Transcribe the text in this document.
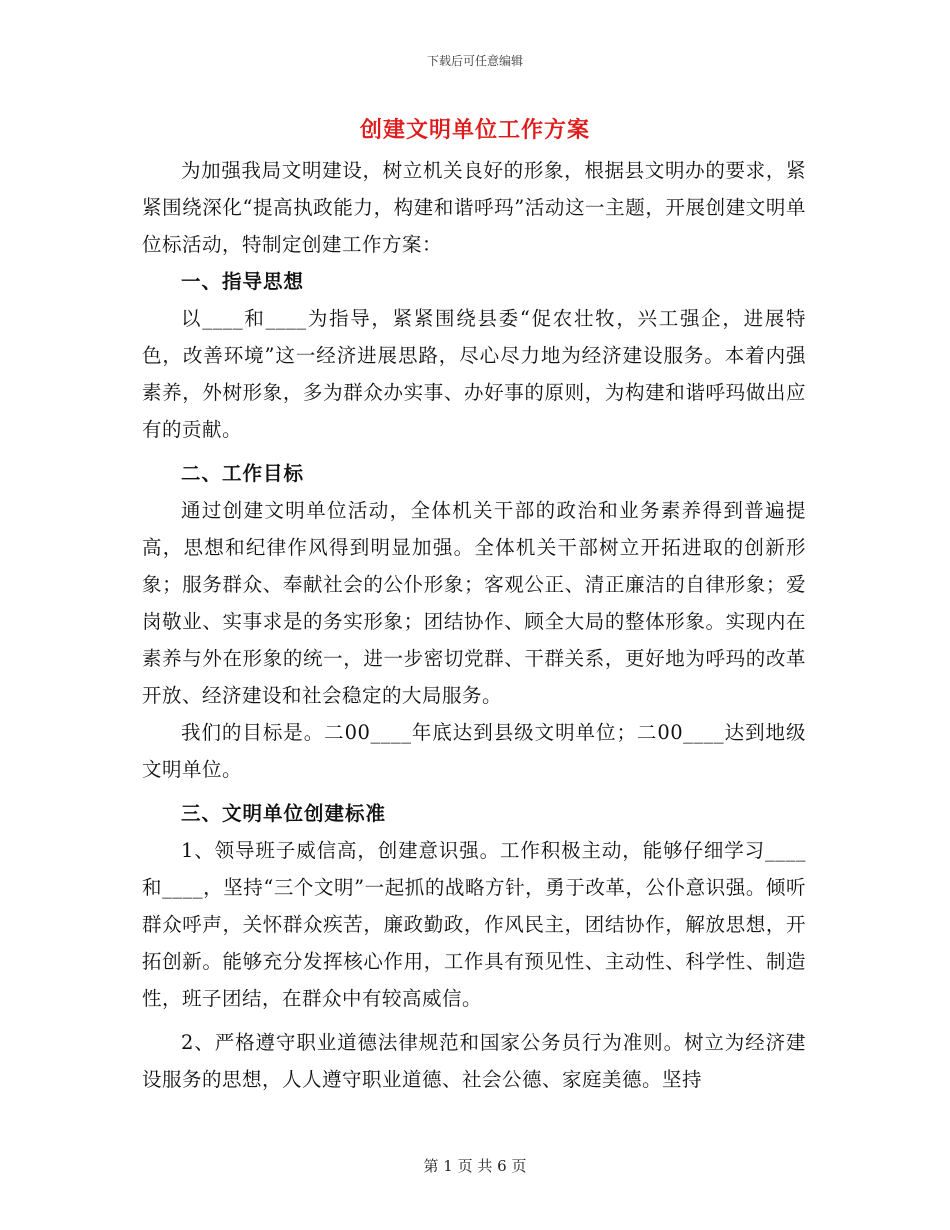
下载后可任意编辑
创建文明单位工作方案

为加强我局文明建设，树立机关良好的形象，根据县文明办的要求，紧紧围绕深化“提高执政能力，构建和谐呼玛”活动这一主题，开展创建文明单位标活动，特制定创建工作方案：

一、指导思想

以____和____为指导，紧紧围绕县委“促农壮牧，兴工强企，进展特色，改善环境”这一经济进展思路，尽心尽力地为经济建设服务。本着内强素养，外树形象，多为群众办实事、办好事的原则，为构建和谐呼玛做出应有的贡献。

二、工作目标

通过创建文明单位活动，全体机关干部的政治和业务素养得到普遍提高，思想和纪律作风得到明显加强。全体机关干部树立开拓进取的创新形象；服务群众、奉献社会的公仆形象；客观公正、清正廉洁的自律形象；爱岗敬业、实事求是的务实形象；团结协作、顾全大局的整体形象。实现内在素养与外在形象的统一，进一步密切党群、干群关系，更好地为呼玛的改革开放、经济建设和社会稳定的大局服务。

我们的目标是。二00____年底达到县级文明单位；二00____达到地级文明单位。

三、文明单位创建标准

1、领导班子威信高，创建意识强。工作积极主动，能够仔细学习____和____，坚持“三个文明”一起抓的战略方针，勇于改革，公仆意识强。倾听群众呼声，关怀群众疾苦，廉政勤政，作风民主，团结协作，解放思想，开拓创新。能够充分发挥核心作用，工作具有预见性、主动性、科学性、制造性，班子团结，在群众中有较高威信。

2、严格遵守职业道德法律规范和国家公务员行为准则。树立为经济建设服务的思想，人人遵守职业道德、社会公德、家庭美德。坚持

第 1 页 共 6 页
